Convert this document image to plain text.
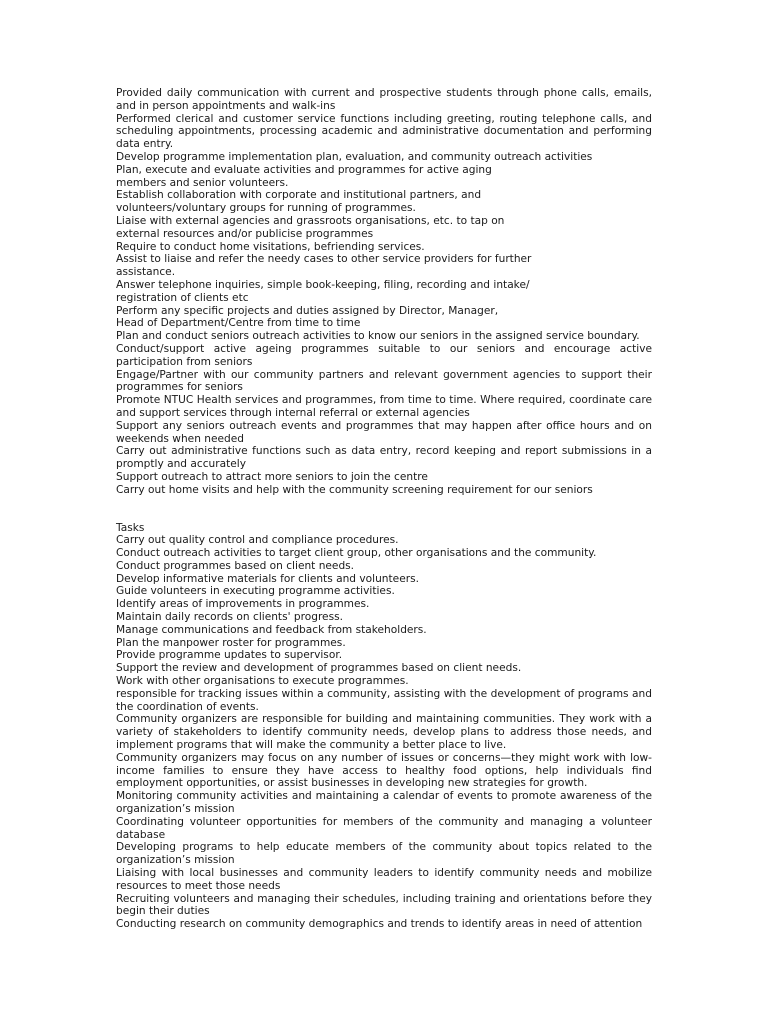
Provided daily communication with current and prospective students through phone calls, emails, and in person appointments and walk-ins

Performed clerical and customer service functions including greeting, routing telephone calls, and scheduling appointments, processing academic and administrative documentation and performing data entry.

Develop programme implementation plan, evaluation, and community outreach activities

Plan, execute and evaluate activities and programmes for active aging

members and senior volunteers.

Establish collaboration with corporate and institutional partners, and

volunteers/voluntary groups for running of programmes.

Liaise with external agencies and grassroots organisations, etc. to tap on

external resources and/or publicise programmes

Require to conduct home visitations, befriending services.

Assist to liaise and refer the needy cases to other service providers for further

assistance.

Answer telephone inquiries, simple book-keeping, filing, recording and intake/

registration of clients etc

Perform any specific projects and duties assigned by Director, Manager,

Head of Department/Centre from time to time

Plan and conduct seniors outreach activities to know our seniors in the assigned service boundary.

Conduct/support active ageing programmes suitable to our seniors and encourage active participation from seniors

Engage/Partner with our community partners and relevant government agencies to support their programmes for seniors

Promote NTUC Health services and programmes, from time to time. Where required, coordinate care and support services through internal referral or external agencies

Support any seniors outreach events and programmes that may happen after office hours and on weekends when needed

Carry out administrative functions such as data entry, record keeping and report submissions in a promptly and accurately

Support outreach to attract more seniors to join the centre

Carry out home visits and help with the community screening requirement for our seniors

Tasks

Carry out quality control and compliance procedures.

Conduct outreach activities to target client group, other organisations and the community.

Conduct programmes based on client needs.

Develop informative materials for clients and volunteers.

Guide volunteers in executing programme activities.

Identify areas of improvements in programmes.

Maintain daily records on clients' progress.

Manage communications and feedback from stakeholders.

Plan the manpower roster for programmes.

Provide programme updates to supervisor.

Support the review and development of programmes based on client needs.

Work with other organisations to execute programmes.

responsible for tracking issues within a community, assisting with the development of programs and the coordination of events.

Community organizers are responsible for building and maintaining communities. They work with a variety of stakeholders to identify community needs, develop plans to address those needs, and implement programs that will make the community a better place to live.

Community organizers may focus on any number of issues or concerns—they might work with low-income families to ensure they have access to healthy food options, help individuals find employment opportunities, or assist businesses in developing new strategies for growth.

Monitoring community activities and maintaining a calendar of events to promote awareness of the organization’s mission

Coordinating volunteer opportunities for members of the community and managing a volunteer database

Developing programs to help educate members of the community about topics related to the organization’s mission

Liaising with local businesses and community leaders to identify community needs and mobilize resources to meet those needs

Recruiting volunteers and managing their schedules, including training and orientations before they begin their duties

Conducting research on community demographics and trends to identify areas in need of attention
